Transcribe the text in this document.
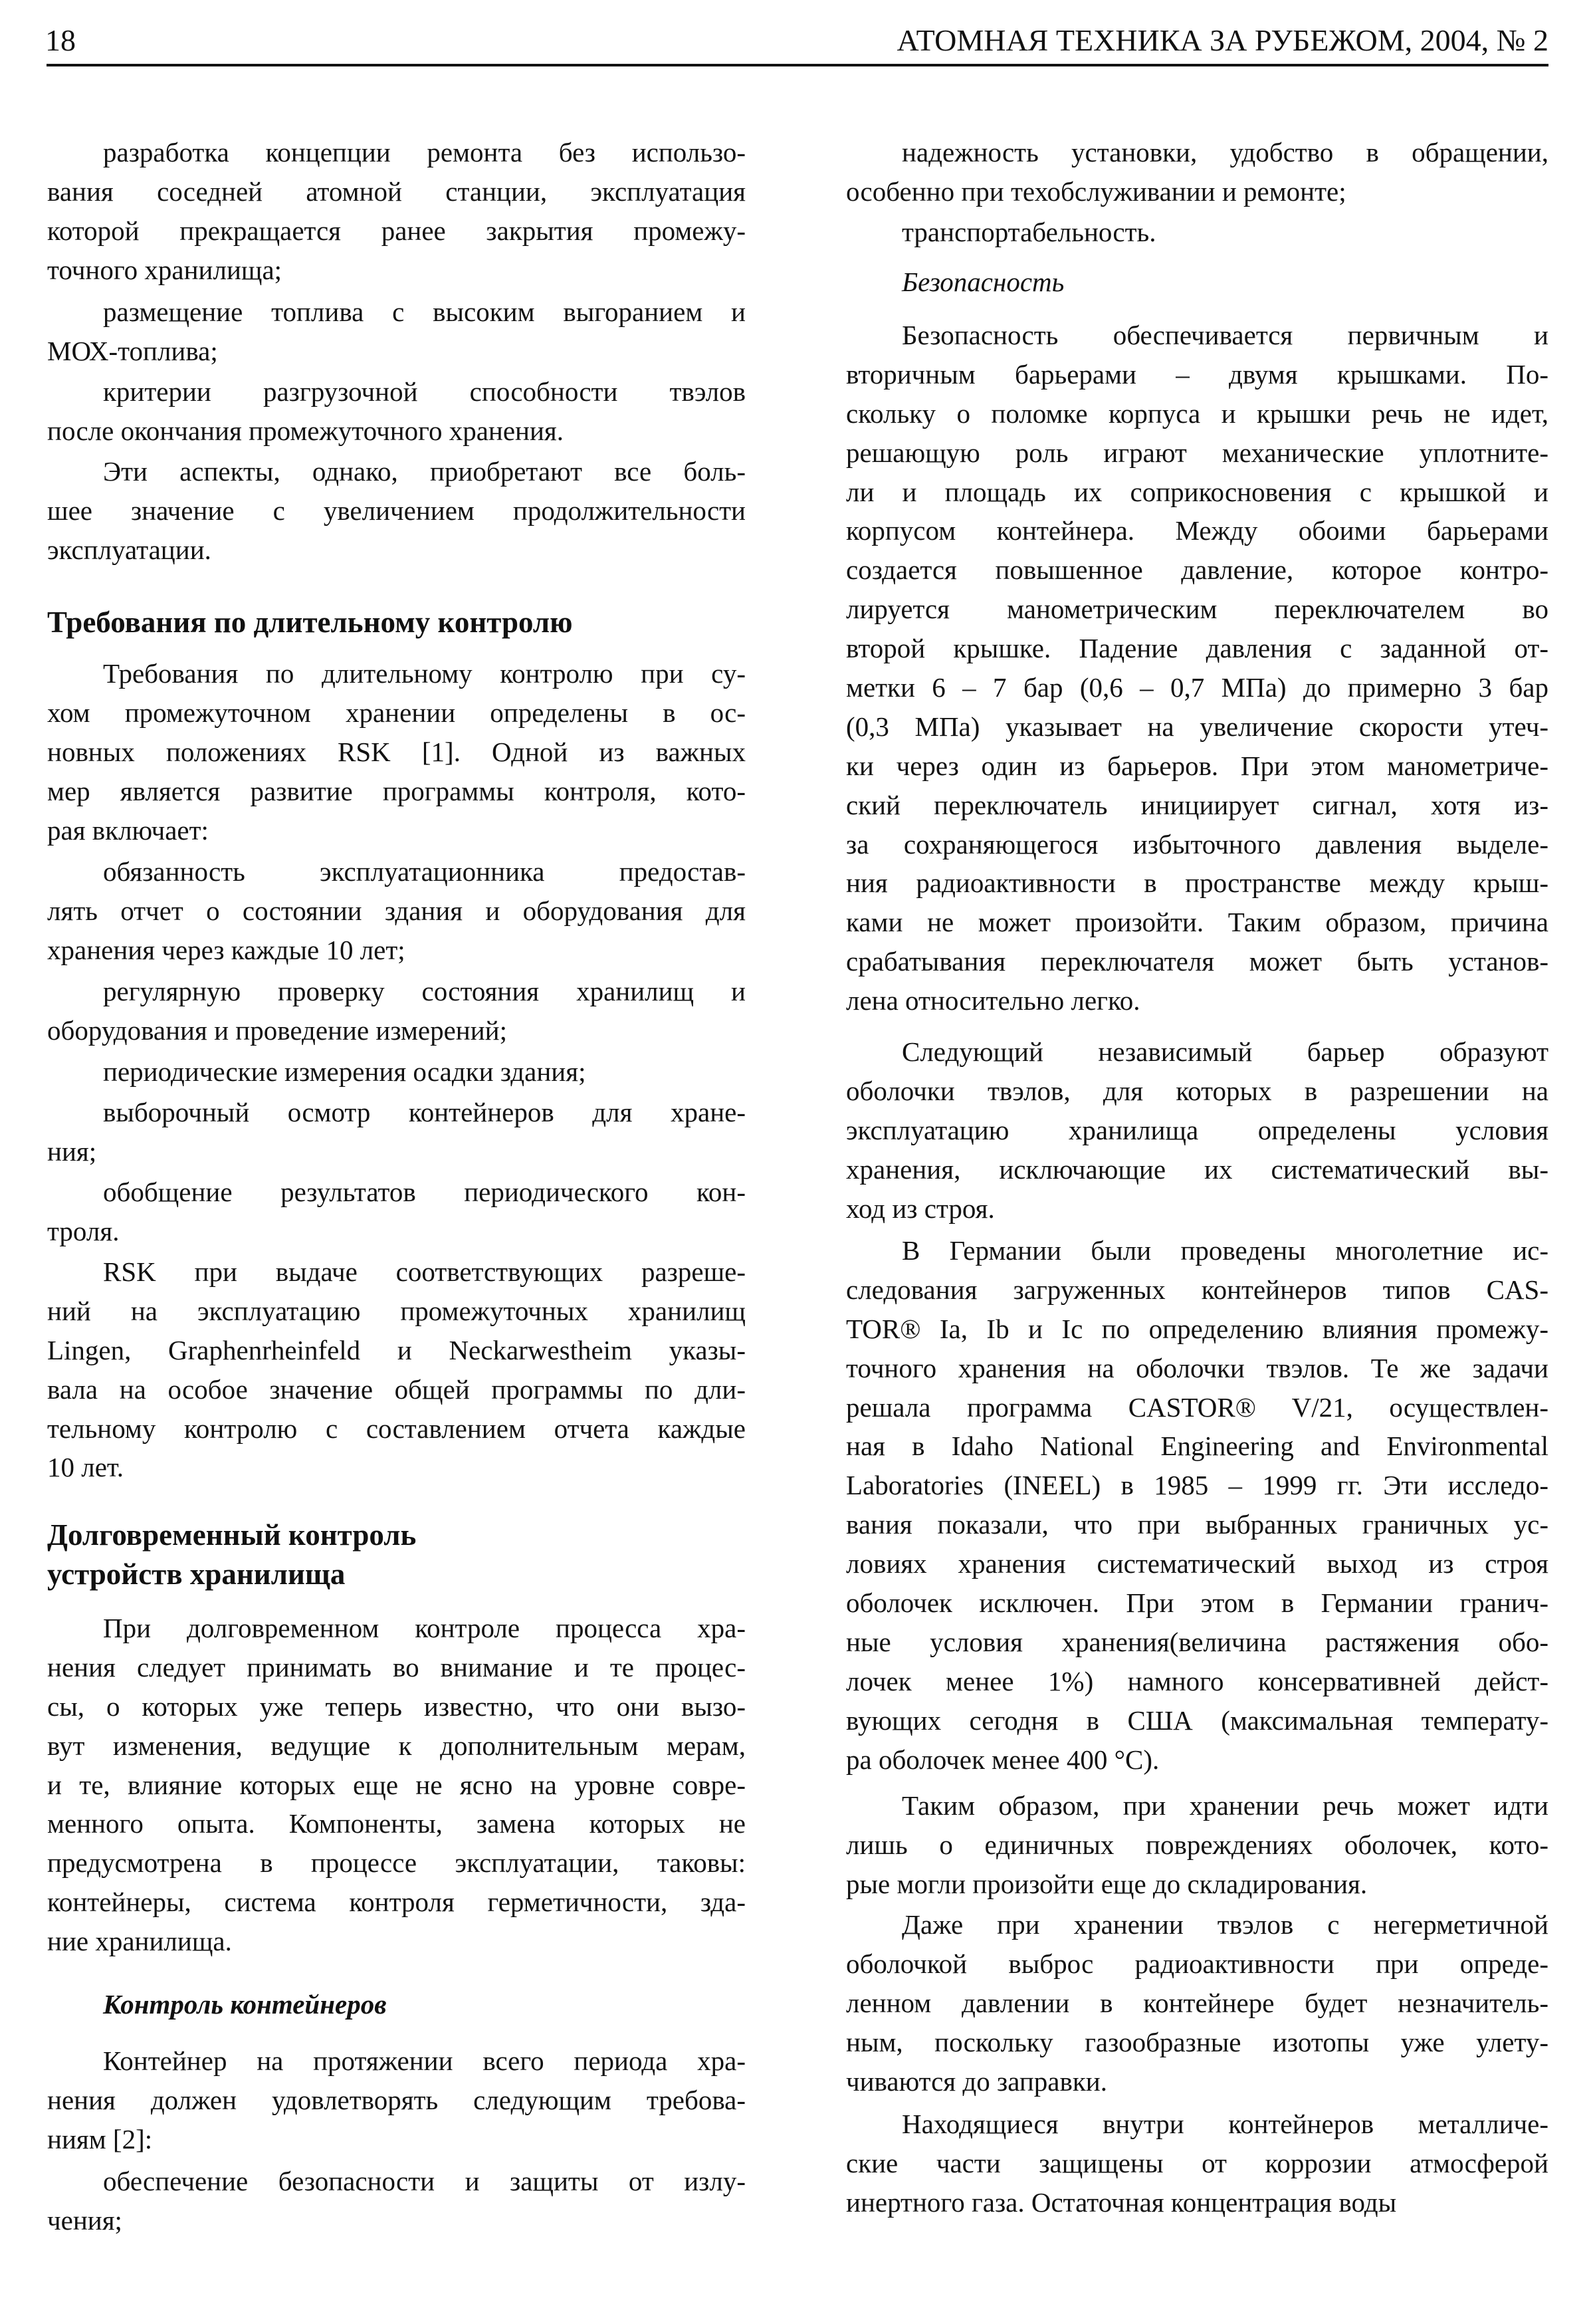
18	АТОМНАЯ ТЕХНИКА ЗА РУБЕЖОМ, 2004, № 2
разработка концепции ремонта без использо-
вания соседней атомной станции, эксплуатация
которой прекращается ранее закрытия промежу-
точного хранилища;
размещение топлива с высоким выгоранием и
МОХ-топлива;
критерии разгрузочной способности твэлов
после окончания промежуточного хранения.
Эти аспекты, однако, приобретают все боль-
шее значение с увеличением продолжительности
эксплуатации.
Требования по длительному контролю
Требования по длительному контролю при су-
хом промежуточном хранении определены в ос-
новных положениях RSK [1]. Одной из важных
мер является развитие программы контроля, кото-
рая включает:
обязанность эксплуатационника предостав-
лять отчет о состоянии здания и оборудования для
хранения через каждые 10 лет;
регулярную проверку состояния хранилищ и
оборудования и проведение измерений;
периодические измерения осадки здания;
выборочный осмотр контейнеров для хране-
ния;
обобщение результатов периодического кон-
троля.
RSK при выдаче соответствующих разреше-
ний на эксплуатацию промежуточных хранилищ
Lingen, Graphenrheinfeld и Neckarwestheim указы-
вала на особое значение общей программы по дли-
тельному контролю с составлением отчета каждые
10 лет.
Долговременный контроль
устройств хранилища
При долговременном контроле процесса хра-
нения следует принимать во внимание и те процес-
сы, о которых уже теперь известно, что они вызо-
вут изменения, ведущие к дополнительным мерам,
и те, влияние которых еще не ясно на уровне совре-
менного опыта. Компоненты, замена которых не
предусмотрена в процессе эксплуатации, таковы:
контейнеры, система контроля герметичности, зда-
ние хранилища.
Контроль контейнеров
Контейнер на протяжении всего периода хра-
нения должен удовлетворять следующим требова-
ниям [2]:
обеспечение безопасности и защиты от излу-
чения;
надежность установки, удобство в обращении,
особенно при техобслуживании и ремонте;
транспортабельность.
Безопасность
Безопасность обеспечивается первичным и
вторичным барьерами – двумя крышками. По-
скольку о поломке корпуса и крышки речь не идет,
решающую роль играют механические уплотните-
ли и площадь их соприкосновения с крышкой и
корпусом контейнера. Между обоими барьерами
создается повышенное давление, которое контро-
лируется манометрическим переключателем во
второй крышке. Падение давления с заданной от-
метки 6 – 7 бар (0,6 – 0,7 МПа) до примерно 3 бар
(0,3 МПа) указывает на увеличение скорости утеч-
ки через один из барьеров. При этом манометриче-
ский переключатель инициирует сигнал, хотя из-
за сохраняющегося избыточного давления выделе-
ния радиоактивности в пространстве между крыш-
ками не может произойти. Таким образом, причина
срабатывания переключателя может быть установ-
лена относительно легко.
Следующий независимый барьер образуют
оболочки твэлов, для которых в разрешении на
эксплуатацию хранилища определены условия
хранения, исключающие их систематический вы-
ход из строя.
В Германии были проведены многолетние ис-
следования загруженных контейнеров типов CAS-
TOR® Ia, Ib и Ic по определению влияния промежу-
точного хранения на оболочки твэлов. Те же задачи
решала программа CASTOR® V/21, осуществлен-
ная в Idaho National Engineering and Environmental
Laboratories (INEEL) в 1985 – 1999 гг. Эти исследо-
вания показали, что при выбранных граничных ус-
ловиях хранения систематический выход из строя
оболочек исключен. При этом в Германии гранич-
ные условия хранения(величина растяжения обо-
лочек менее 1%) намного консервативней дейст-
вующих сегодня в США (максимальная температу-
ра оболочек менее 400 °С).
Таким образом, при хранении речь может идти
лишь о единичных повреждениях оболочек, кото-
рые могли произойти еще до складирования.
Даже при хранении твэлов с негерметичной
оболочкой выброс радиоактивности при опреде-
ленном давлении в контейнере будет незначитель-
ным, поскольку газообразные изотопы уже улету-
чиваются до заправки.
Находящиеся внутри контейнеров металличе-
ские части защищены от коррозии атмосферой
инертного газа. Остаточная концентрация воды
